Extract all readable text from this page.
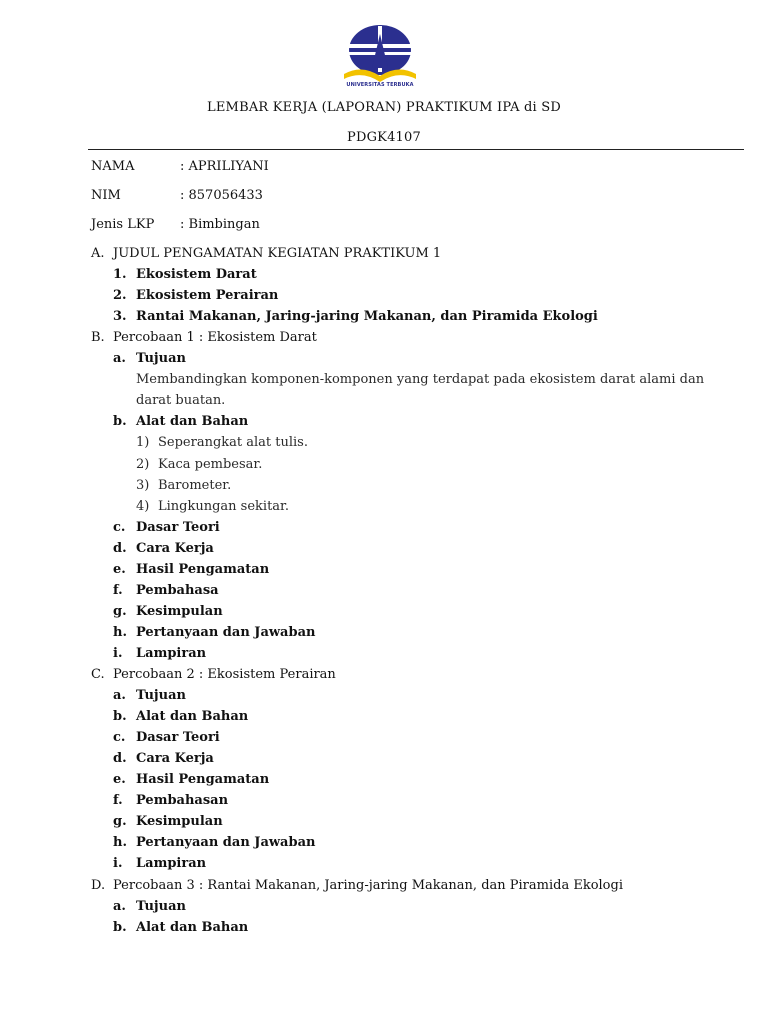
UNIVERSITAS TERBUKA
LEMBAR KERJA (LAPORAN) PRAKTIKUM IPA di SD
PDGK4107
NAMA	: APRILIYANI
NIM	: 857056433
Jenis LKP : Bimbingan
A. JUDUL PENGAMATAN KEGIATAN PRAKTIKUM 1
1. Ekosistem Darat
2. Ekosistem Perairan
3. Rantai Makanan, Jaring-jaring Makanan, dan Piramida Ekologi
B. Percobaan 1 : Ekosistem Darat
a. Tujuan
Membandingkan komponen-komponen yang terdapat pada ekosistem darat alami dan
darat buatan.
b. Alat dan Bahan
1) Seperangkat alat tulis.
2) Kaca pembesar.
3) Barometer.
4) Lingkungan sekitar.
c. Dasar Teori
d. Cara Kerja
e. Hasil Pengamatan
f. Pembahasa
g. Kesimpulan
h. Pertanyaan dan Jawaban
i. Lampiran
C. Percobaan 2 : Ekosistem Perairan
a. Tujuan
b. Alat dan Bahan
c. Dasar Teori
d. Cara Kerja
e. Hasil Pengamatan
f. Pembahasan
g. Kesimpulan
h. Pertanyaan dan Jawaban
i. Lampiran
D. Percobaan 3 : Rantai Makanan, Jaring-jaring Makanan, dan Piramida Ekologi
a. Tujuan
b. Alat dan Bahan
